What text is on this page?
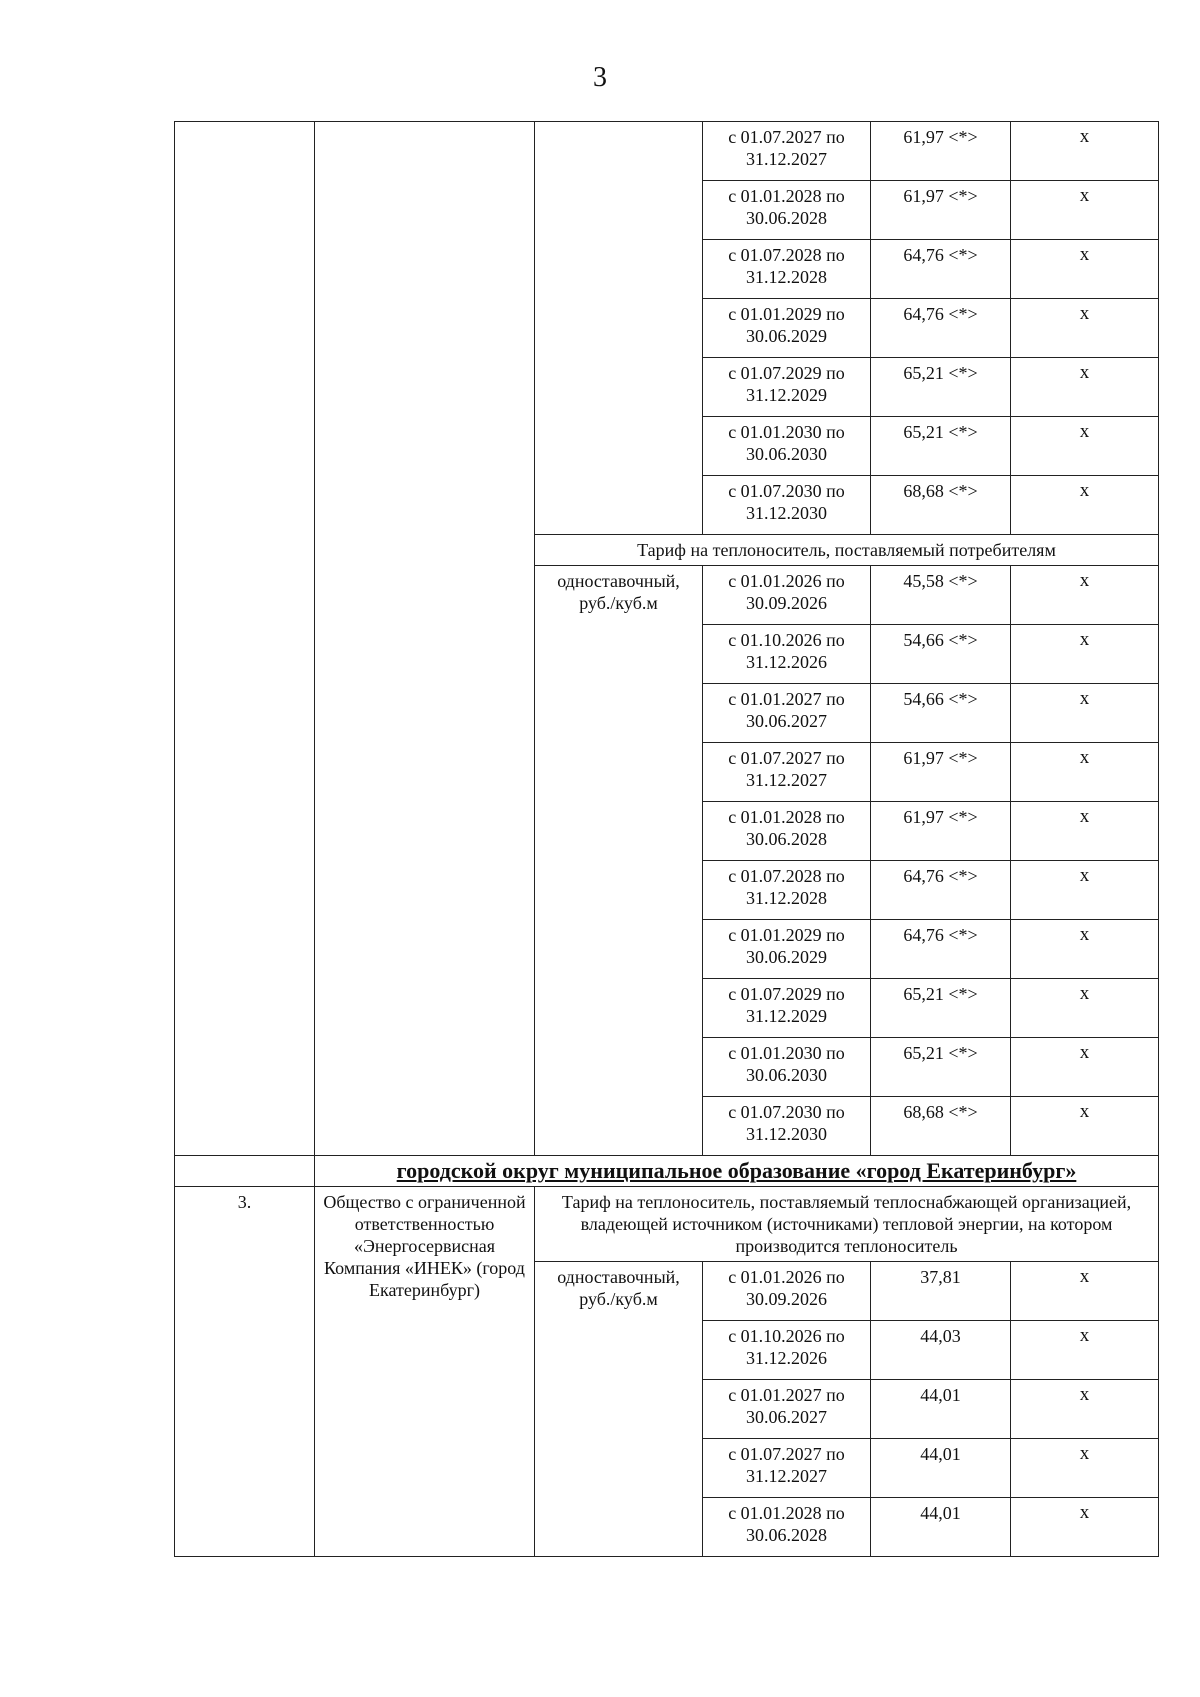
3
			с 01.07.2027 по 31.12.2027	61,97 <*>	х
			с 01.01.2028 по 30.06.2028	61,97 <*>	х
			с 01.07.2028 по 31.12.2028	64,76 <*>	х
			с 01.01.2029 по 30.06.2029	64,76 <*>	х
			с 01.07.2029 по 31.12.2029	65,21 <*>	х
			с 01.01.2030 по 30.06.2030	65,21 <*>	х
			с 01.07.2030 по 31.12.2030	68,68 <*>	х
		Тариф на теплоноситель, поставляемый потребителям			
		одноставочный, руб./куб.м	с 01.01.2026 по 30.09.2026	45,58 <*>	х
			с 01.10.2026 по 31.12.2026	54,66 <*>	х
			с 01.01.2027 по 30.06.2027	54,66 <*>	х
			с 01.07.2027 по 31.12.2027	61,97 <*>	х
			с 01.01.2028 по 30.06.2028	61,97 <*>	х
			с 01.07.2028 по 31.12.2028	64,76 <*>	х
			с 01.01.2029 по 30.06.2029	64,76 <*>	х
			с 01.07.2029 по 31.12.2029	65,21 <*>	х
			с 01.01.2030 по 30.06.2030	65,21 <*>	х
			с 01.07.2030 по 31.12.2030	68,68 <*>	х
	городской округ муниципальное образование «город Екатеринбург»				
3.	Общество с ограниченной ответственностью «Энергосервисная Компания «ИНЕК» (город Екатеринбург)	Тариф на теплоноситель, поставляемый теплоснабжающей организацией, владеющей источником (источниками) тепловой энергии, на котором производится теплоноситель			
		одноставочный, руб./куб.м	с 01.01.2026 по 30.09.2026	37,81	х
			с 01.10.2026 по 31.12.2026	44,03	х
			с 01.01.2027 по 30.06.2027	44,01	х
			с 01.07.2027 по 31.12.2027	44,01	х
			с 01.01.2028 по 30.06.2028	44,01	х
